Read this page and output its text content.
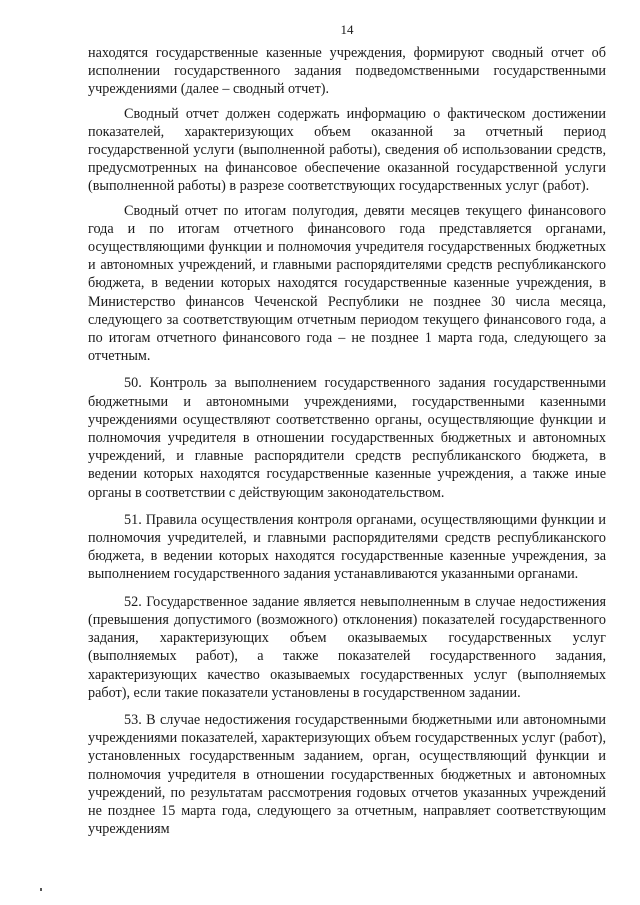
14

находятся государственные казенные учреждения, формируют сводный отчет об исполнении государственного задания подведомственными государственными учреждениями (далее – сводный отчет).

Сводный отчет должен содержать информацию о фактическом достижении показателей, характеризующих объем оказанной за отчетный период государственной услуги (выполненной работы), сведения об использовании средств, предусмотренных на финансовое обеспечение оказанной государственной услуги (выполненной работы) в разрезе соответствующих государственных услуг (работ).

Сводный отчет по итогам полугодия, девяти месяцев текущего финансового года и по итогам отчетного финансового года представляется органами, осуществляющими функции и полномочия учредителя государственных бюджетных и автономных учреждений, и главными распорядителями средств республиканского бюджета, в ведении которых находятся государственные казенные учреждения, в Министерство финансов Чеченской Республики не позднее 30 числа месяца, следующего за соответствующим отчетным периодом текущего финансового года, а по итогам отчетного финансового года – не позднее 1 марта года, следующего за отчетным.

50. Контроль за выполнением государственного задания государственными бюджетными и автономными учреждениями, государственными казенными учреждениями осуществляют соответственно органы, осуществляющие функции и полномочия учредителя в отношении государственных бюджетных и автономных учреждений, и главные распорядители средств республиканского бюджета, в ведении которых находятся государственные казенные учреждения, а также иные органы в соответствии с действующим законодательством.

51. Правила осуществления контроля органами, осуществляющими функции и полномочия учредителей, и главными распорядителями средств республиканского бюджета, в ведении которых находятся государственные казенные учреждения, за выполнением государственного задания устанавливаются указанными органами.

52. Государственное задание является невыполненным в случае недостижения (превышения допустимого (возможного) отклонения) показателей государственного задания, характеризующих объем оказываемых государственных услуг (выполняемых работ), а также показателей государственного задания, характеризующих качество оказываемых государственных услуг (выполняемых работ), если такие показатели установлены в государственном задании.

53. В случае недостижения государственными бюджетными или автономными учреждениями показателей, характеризующих объем государственных услуг (работ), установленных государственным заданием, орган, осуществляющий функции и полномочия учредителя в отношении государственных бюджетных и автономных учреждений, по результатам рассмотрения годовых отчетов указанных учреждений не позднее 15 марта года, следующего за отчетным, направляет соответствующим учреждениям
